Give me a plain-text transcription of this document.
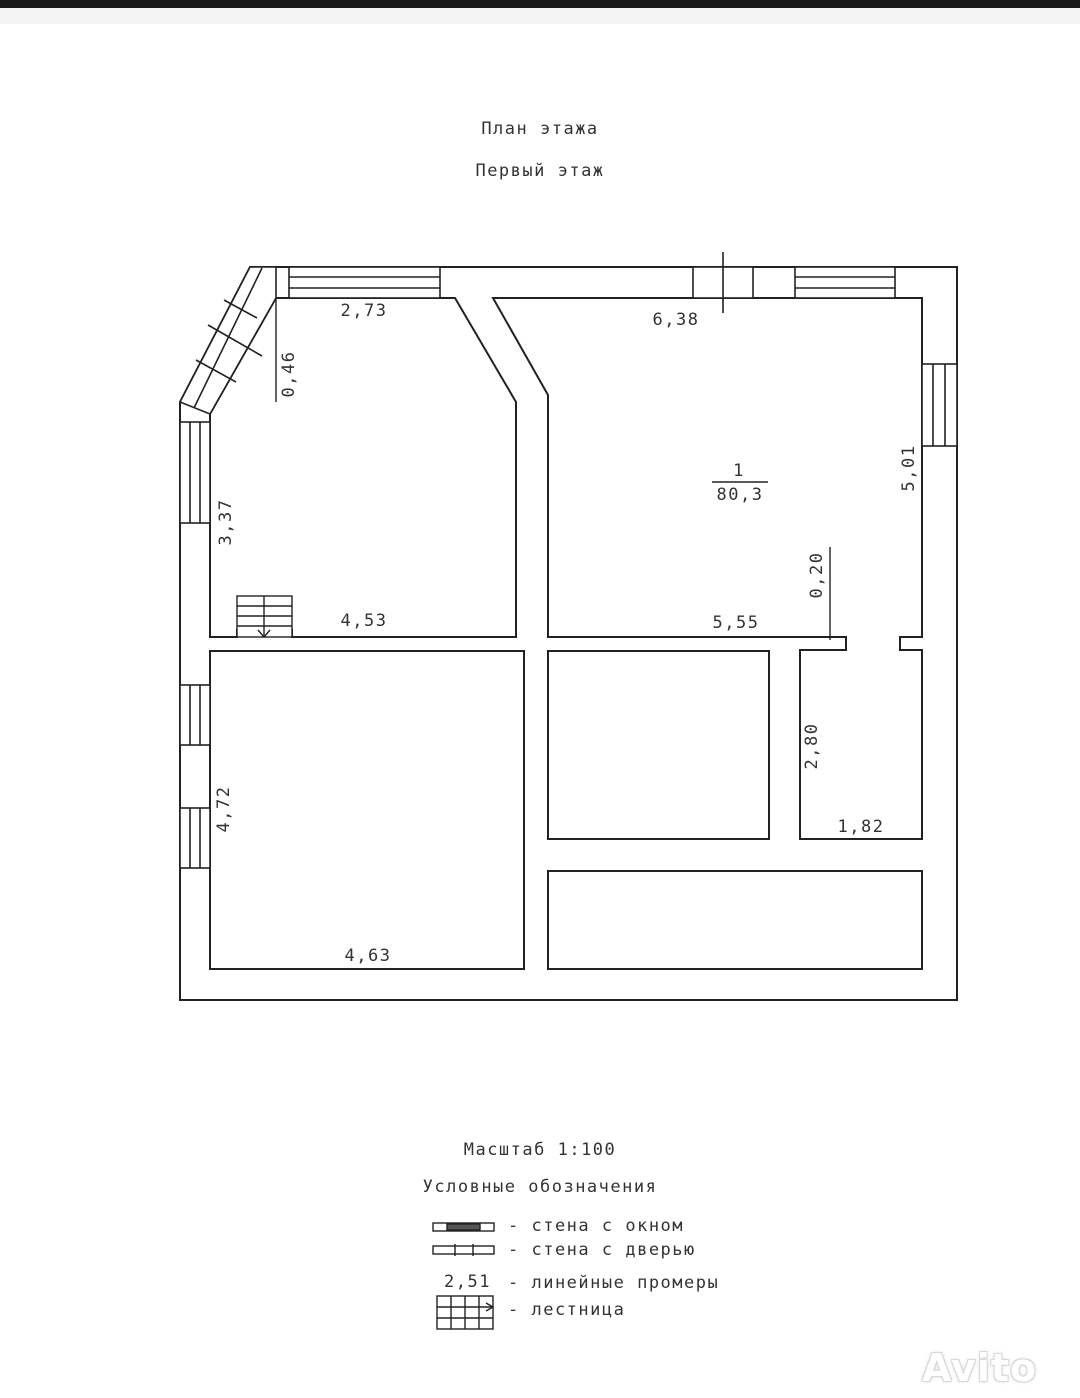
План этажа
Первый этаж
1
80,3
2,73	6,38
4,53	5,55
1,82
4,63
0,46
5,01
3,37
0,20
2,80
4,72
Масштаб 1:100
Условные обозначения
- стена с окном
- стена с дверью
2,51 - линейные промеры
- лестница
Avito
